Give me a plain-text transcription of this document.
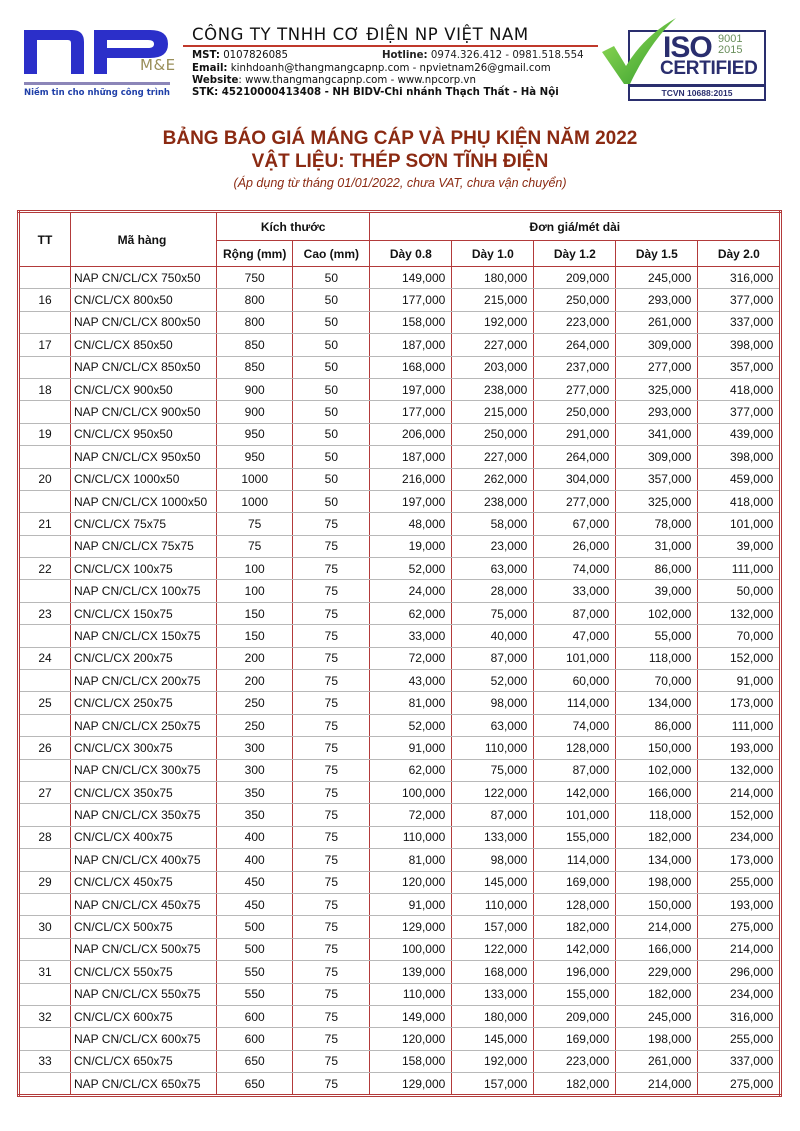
M&E
Niềm tin cho những công trình
CÔNG TY TNHH CƠ ĐIỆN NP VIỆT NAM
MST: 0107826085	Hotline: 0974.326.412 - 0981.518.554
Email: kinhdoanh@thangmangcapnp.com - npvietnam26@gmail.com
Website: www.thangmangcapnp.com - www.npcorp.vn
STK: 45210000413408 - NH BIDV-Chi nhánh Thạch Thất - Hà Nội
ISO 9001
2015
CERTIFIED
TCVN 10688:2015
BẢNG BÁO GIÁ MÁNG CÁP VÀ PHỤ KIỆN NĂM 2022
VẬT LIỆU: THÉP SƠN TĨNH ĐIỆN
(Áp dụng từ tháng 01/01/2022, chưa VAT, chưa vận chuyển)
TT	Mã hàng	Kích thước		Đơn giá/mét dài				
		Rộng (mm)	Cao (mm)	Dày 0.8	Dày 1.0	Dày 1.2	Dày 1.5	Dày 2.0
	NAP CN/CL/CX 750x50	750	50	149,000	180,000	209,000	245,000	316,000
16	CN/CL/CX 800x50	800	50	177,000	215,000	250,000	293,000	377,000
	NAP CN/CL/CX 800x50	800	50	158,000	192,000	223,000	261,000	337,000
17	CN/CL/CX 850x50	850	50	187,000	227,000	264,000	309,000	398,000
	NAP CN/CL/CX 850x50	850	50	168,000	203,000	237,000	277,000	357,000
18	CN/CL/CX 900x50	900	50	197,000	238,000	277,000	325,000	418,000
	NAP CN/CL/CX 900x50	900	50	177,000	215,000	250,000	293,000	377,000
19	CN/CL/CX 950x50	950	50	206,000	250,000	291,000	341,000	439,000
	NAP CN/CL/CX 950x50	950	50	187,000	227,000	264,000	309,000	398,000
20	CN/CL/CX 1000x50	1000	50	216,000	262,000	304,000	357,000	459,000
	NAP CN/CL/CX 1000x50	1000	50	197,000	238,000	277,000	325,000	418,000
21	CN/CL/CX 75x75	75	75	48,000	58,000	67,000	78,000	101,000
	NAP CN/CL/CX 75x75	75	75	19,000	23,000	26,000	31,000	39,000
22	CN/CL/CX 100x75	100	75	52,000	63,000	74,000	86,000	111,000
	NAP CN/CL/CX 100x75	100	75	24,000	28,000	33,000	39,000	50,000
23	CN/CL/CX 150x75	150	75	62,000	75,000	87,000	102,000	132,000
	NAP CN/CL/CX 150x75	150	75	33,000	40,000	47,000	55,000	70,000
24	CN/CL/CX 200x75	200	75	72,000	87,000	101,000	118,000	152,000
	NAP CN/CL/CX 200x75	200	75	43,000	52,000	60,000	70,000	91,000
25	CN/CL/CX 250x75	250	75	81,000	98,000	114,000	134,000	173,000
	NAP CN/CL/CX 250x75	250	75	52,000	63,000	74,000	86,000	111,000
26	CN/CL/CX 300x75	300	75	91,000	110,000	128,000	150,000	193,000
	NAP CN/CL/CX 300x75	300	75	62,000	75,000	87,000	102,000	132,000
27	CN/CL/CX 350x75	350	75	100,000	122,000	142,000	166,000	214,000
	NAP CN/CL/CX 350x75	350	75	72,000	87,000	101,000	118,000	152,000
28	CN/CL/CX 400x75	400	75	110,000	133,000	155,000	182,000	234,000
	NAP CN/CL/CX 400x75	400	75	81,000	98,000	114,000	134,000	173,000
29	CN/CL/CX 450x75	450	75	120,000	145,000	169,000	198,000	255,000
	NAP CN/CL/CX 450x75	450	75	91,000	110,000	128,000	150,000	193,000
30	CN/CL/CX 500x75	500	75	129,000	157,000	182,000	214,000	275,000
	NAP CN/CL/CX 500x75	500	75	100,000	122,000	142,000	166,000	214,000
31	CN/CL/CX 550x75	550	75	139,000	168,000	196,000	229,000	296,000
	NAP CN/CL/CX 550x75	550	75	110,000	133,000	155,000	182,000	234,000
32	CN/CL/CX 600x75	600	75	149,000	180,000	209,000	245,000	316,000
	NAP CN/CL/CX 600x75	600	75	120,000	145,000	169,000	198,000	255,000
33	CN/CL/CX 650x75	650	75	158,000	192,000	223,000	261,000	337,000
	NAP CN/CL/CX 650x75	650	75	129,000	157,000	182,000	214,000	275,000
